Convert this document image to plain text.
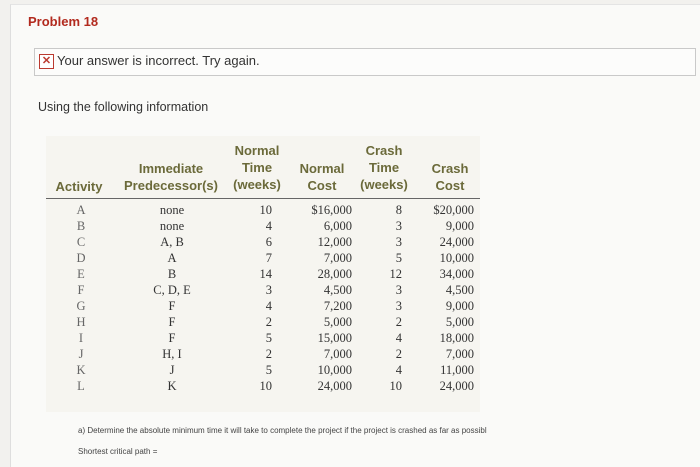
Problem 18
✕ Your answer is incorrect. Try again.
Using the following information
Activity
Immediate
Predecessor(s)
Normal
Time
(weeks)
Normal
Cost
Crash
Time
(weeks)
Crash
Cost
A
B
C
D
E
F
G
H
I
J
K
L
none
none
A, B
A
B
C, D, E
F
F
F
H, I
J
K
10
4
6
7
14
3
4
2
5
2
5
10
$16,000
6,000
12,000
7,000
28,000
4,500
7,200
5,000
15,000
7,000
10,000
24,000
8
3
3
5
12
3
3
2
4
2
4
10
$20,000
9,000
24,000
10,000
34,000
4,500
9,000
5,000
18,000
7,000
11,000
24,000
a) Determine the absolute minimum time it will take to complete the project if the project is crashed as far as possibl
Shortest critical path =
